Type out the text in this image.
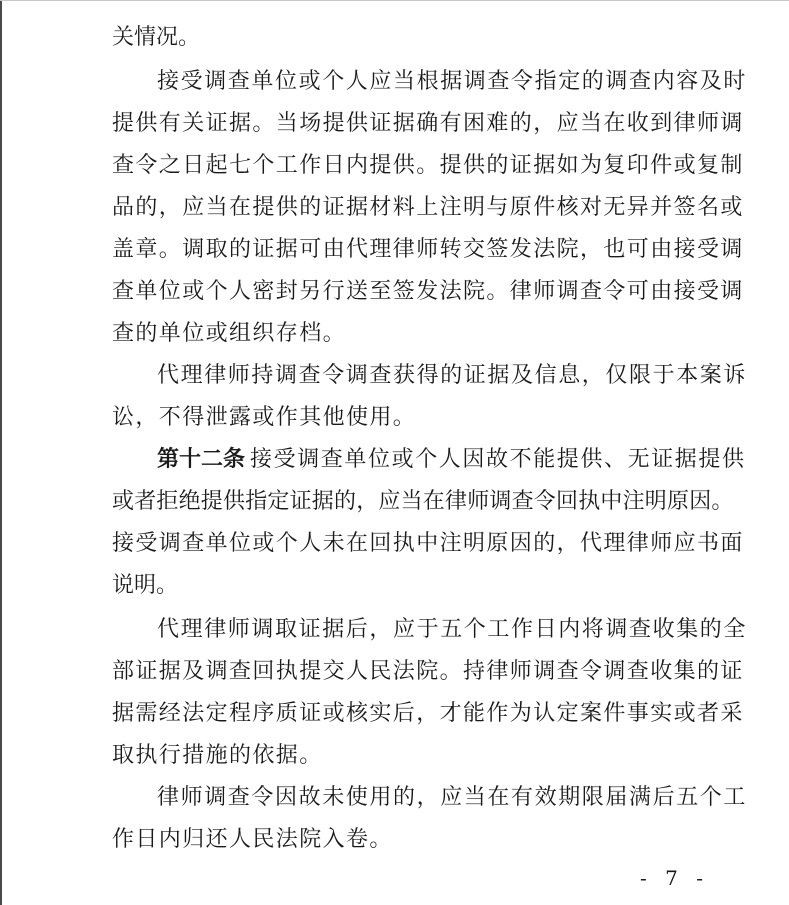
关情况。
接受调查单位或个人应当根据调查令指定的调查内容及时
提供有关证据。当场提供证据确有困难的，应当在收到律师调
查令之日起七个工作日内提供。提供的证据如为复印件或复制
品的，应当在提供的证据材料上注明与原件核对无异并签名或
盖章。调取的证据可由代理律师转交签发法院，也可由接受调
查单位或个人密封另行送至签发法院。律师调查令可由接受调
查的单位或组织存档。
代理律师持调查令调查获得的证据及信息，仅限于本案诉
讼，不得泄露或作其他使用。
第十二条 接受调查单位或个人因故不能提供、无证据提供
或者拒绝提供指定证据的，应当在律师调查令回执中注明原因。
接受调查单位或个人未在回执中注明原因的，代理律师应书面
说明。
代理律师调取证据后，应于五个工作日内将调查收集的全
部证据及调查回执提交人民法院。持律师调查令调查收集的证
据需经法定程序质证或核实后，才能作为认定案件事实或者采
取执行措施的依据。
律师调查令因故未使用的，应当在有效期限届满后五个工
作日内归还人民法院入卷。
- 7 -
